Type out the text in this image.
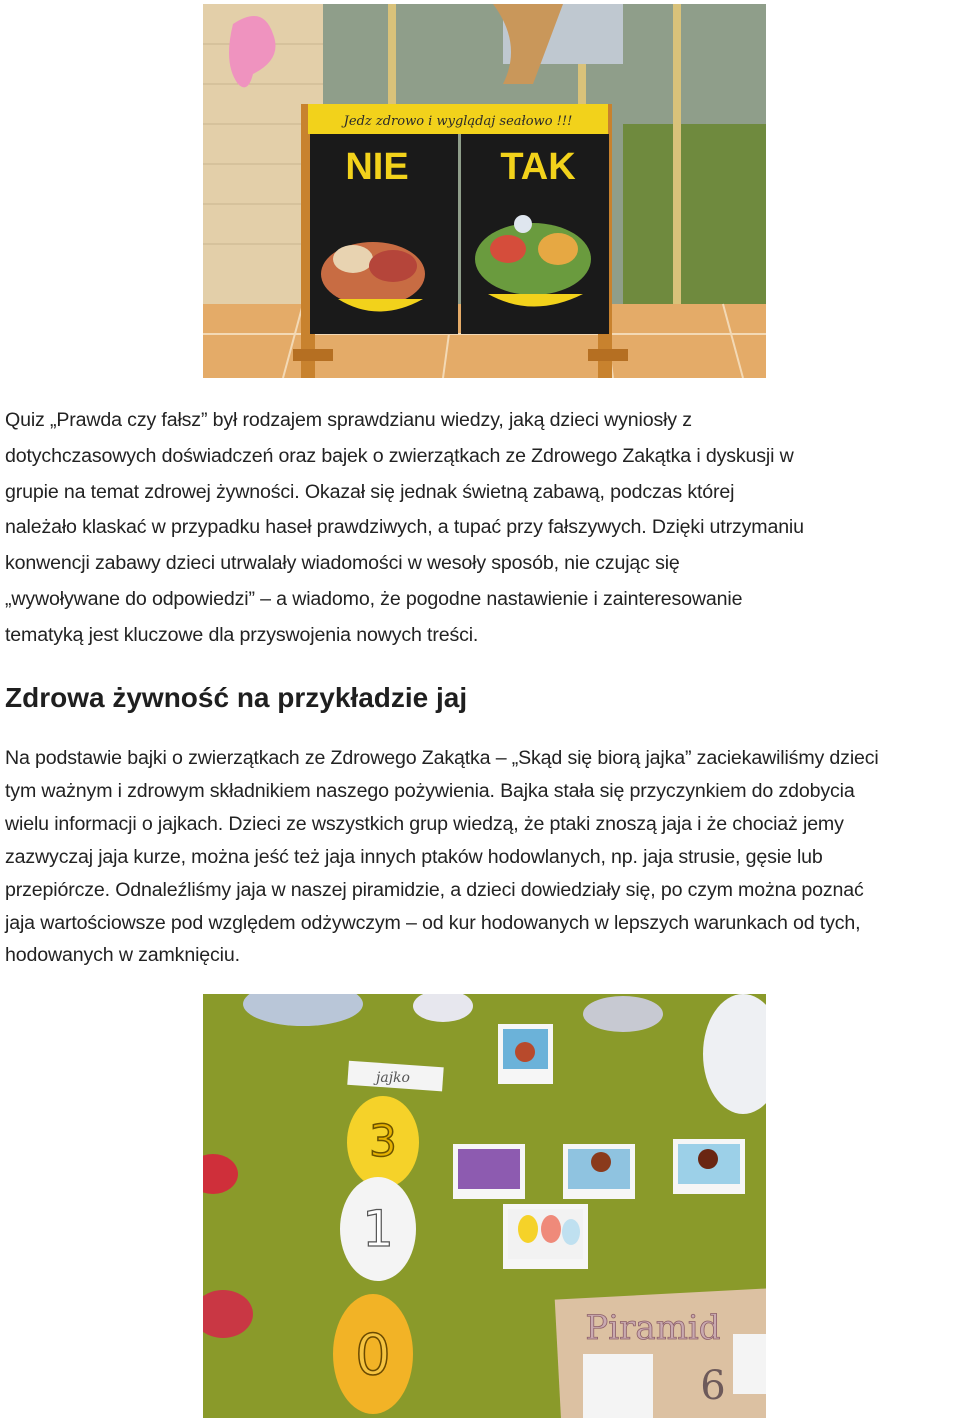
Jedz zdrowo i wyglądaj seałowo !!!
NIE TAK

Quiz „Prawda czy fałsz” był rodzajem sprawdzianu wiedzy, jaką dzieci wyniosły z
dotychczasowych doświadczeń oraz bajek o zwierzątkach ze Zdrowego Zakątka i dyskusji w
grupie na temat zdrowej żywności. Okazał się jednak świetną zabawą, podczas której
należało klaskać w przypadku haseł prawdziwych, a tupać przy fałszywych. Dzięki utrzymaniu
konwencji zabawy dzieci utrwalały wiadomości w wesoły sposób, nie czując się
„wywoływane do odpowiedzi” – a wiadomo, że pogodne nastawienie i zainteresowanie
tematyką jest kluczowe dla przyswojenia nowych treści.

Zdrowa żywność na przykładzie jaj

Na podstawie bajki o zwierzątkach ze Zdrowego Zakątka – „Skąd się biorą jajka” zaciekawiliśmy dzieci
tym ważnym i zdrowym składnikiem naszego pożywienia. Bajka stała się przyczynkiem do zdobycia
wielu informacji o jajkach. Dzieci ze wszystkich grup wiedzą, że ptaki znoszą jaja i że chociaż jemy
zazwyczaj jaja kurze, można jeść też jaja innych ptaków hodowlanych, np. jaja strusie, gęsie lub
przepiórcze. Odnaleźliśmy jaja w naszej piramidzie, a dzieci dowiedziały się, po czym można poznać
jaja wartościowsze pod względem odżywczym – od kur hodowanych w lepszych warunkach od tych,
hodowanych w zamknięciu.

jajko
3
1
0	Piramid
6
